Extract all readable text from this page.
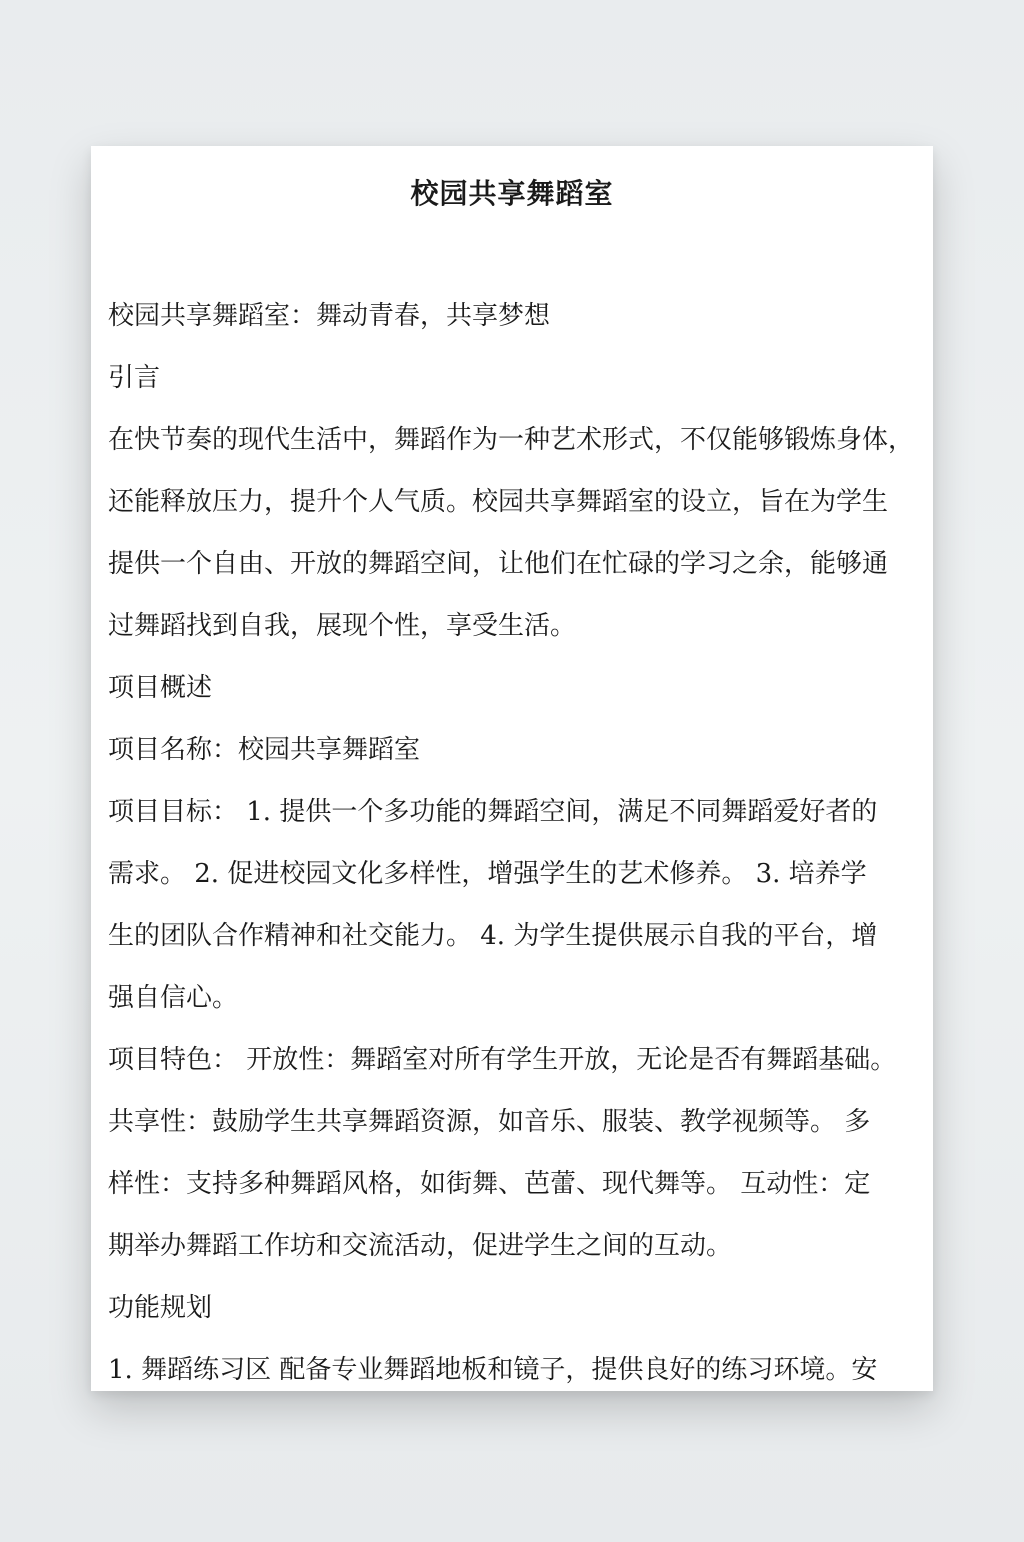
校园共享舞蹈室

校园共享舞蹈室：舞动青春，共享梦想

引言

在快节奏的现代生活中，舞蹈作为一种艺术形式，不仅能够锻炼身体，

还能释放压力，提升个人气质。校园共享舞蹈室的设立，旨在为学生

提供一个自由、开放的舞蹈空间，让他们在忙碌的学习之余，能够通

过舞蹈找到自我，展现个性，享受生活。

项目概述

项目名称：校园共享舞蹈室

项目目标： 1. 提供一个多功能的舞蹈空间，满足不同舞蹈爱好者的

需求。 2. 促进校园文化多样性，增强学生的艺术修养。 3. 培养学

生的团队合作精神和社交能力。 4. 为学生提供展示自我的平台，增

强自信心。

项目特色： 开放性：舞蹈室对所有学生开放，无论是否有舞蹈基础。

共享性：鼓励学生共享舞蹈资源，如音乐、服装、教学视频等。 多

样性：支持多种舞蹈风格，如街舞、芭蕾、现代舞等。 互动性：定

期举办舞蹈工作坊和交流活动，促进学生之间的互动。

功能规划

1. 舞蹈练习区 配备专业舞蹈地板和镜子，提供良好的练习环境。安
